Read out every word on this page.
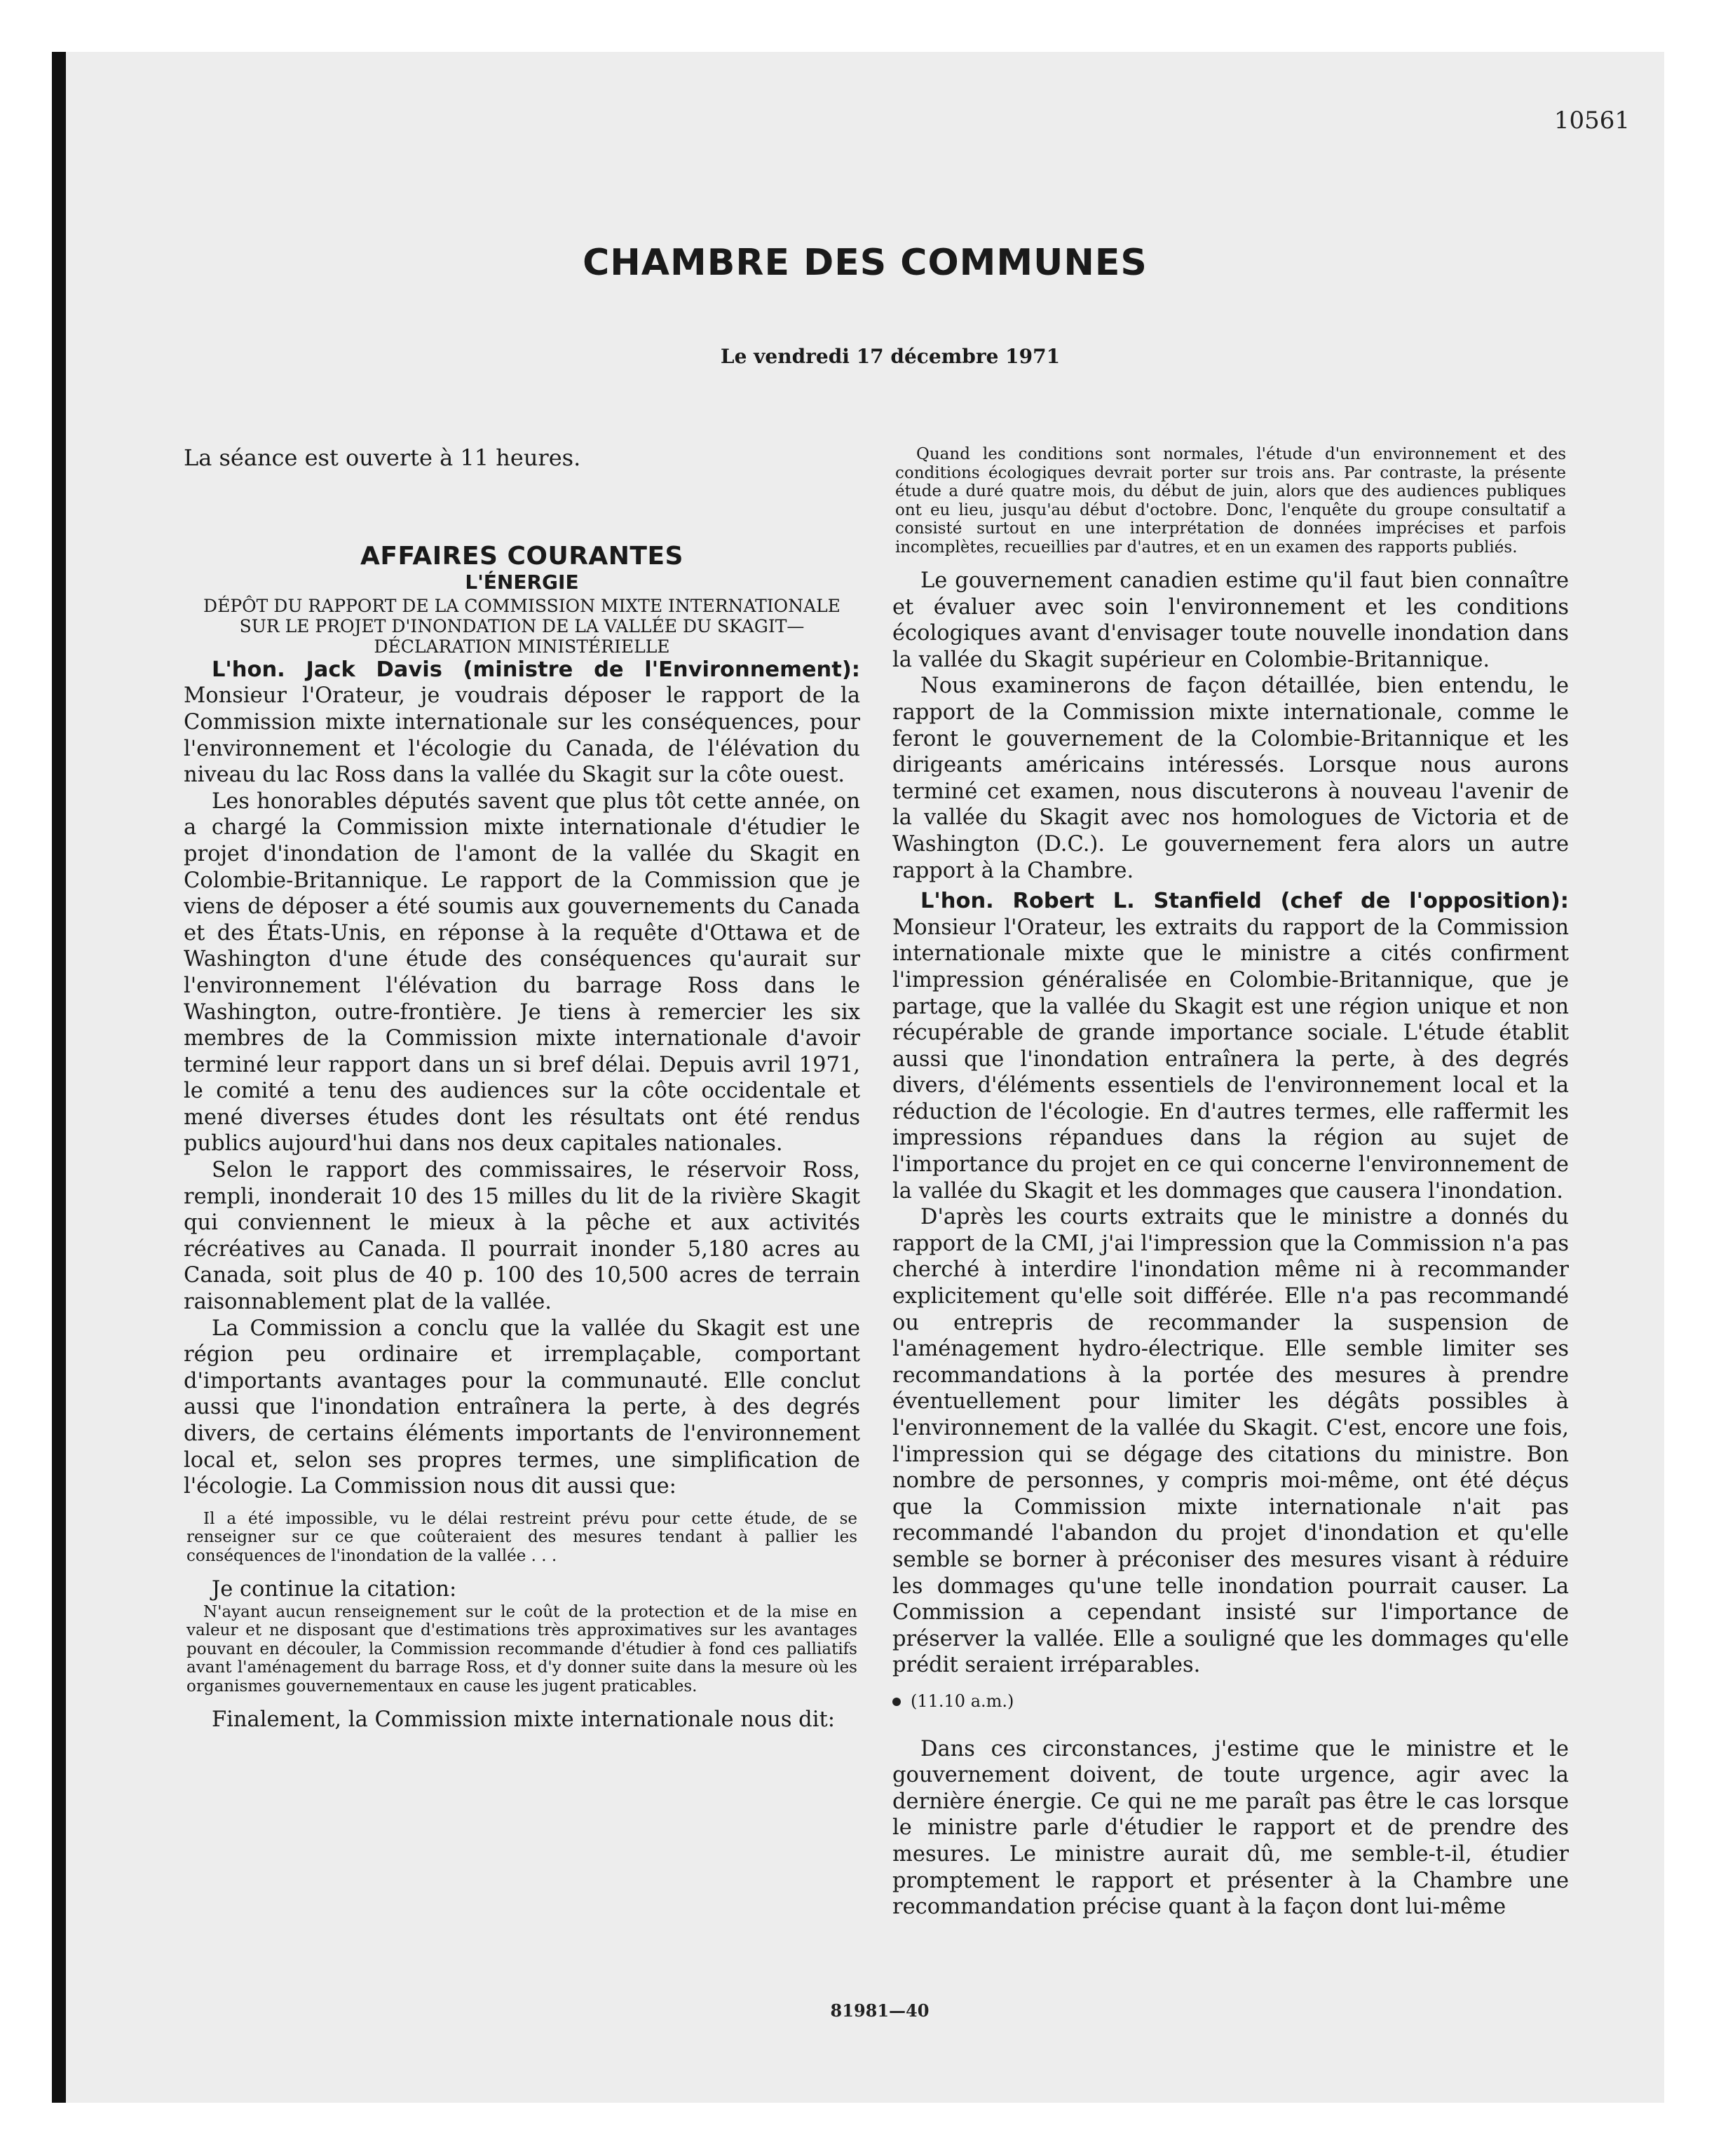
10561
CHAMBRE DES COMMUNES
Le vendredi 17 décembre 1971

La séance est ouverte à 11 heures.

AFFAIRES COURANTES

L'ÉNERGIE

DÉPÔT DU RAPPORT DE LA COMMISSION MIXTE INTERNATIONALE SUR LE PROJET D'INONDATION DE LA VALLÉE DU SKAGIT—DÉCLARATION MINISTÉRIELLE

L'hon. Jack Davis (ministre de l'Environnement): Monsieur l'Orateur, je voudrais déposer le rapport de la Commission mixte internationale sur les conséquences, pour l'environnement et l'écologie du Canada, de l'élévation du niveau du lac Ross dans la vallée du Skagit sur la côte ouest.

Les honorables députés savent que plus tôt cette année, on a chargé la Commission mixte internationale d'étudier le projet d'inondation de l'amont de la vallée du Skagit en Colombie-Britannique. Le rapport de la Commission que je viens de déposer a été soumis aux gouvernements du Canada et des États-Unis, en réponse à la requête d'Ottawa et de Washington d'une étude des conséquences qu'aurait sur l'environnement l'élévation du barrage Ross dans le Washington, outre-frontière. Je tiens à remercier les six membres de la Commission mixte internationale d'avoir terminé leur rapport dans un si bref délai. Depuis avril 1971, le comité a tenu des audiences sur la côte occidentale et mené diverses études dont les résultats ont été rendus publics aujourd'hui dans nos deux capitales nationales.

Selon le rapport des commissaires, le réservoir Ross, rempli, inonderait 10 des 15 milles du lit de la rivière Skagit qui conviennent le mieux à la pêche et aux activités récréatives au Canada. Il pourrait inonder 5,180 acres au Canada, soit plus de 40 p. 100 des 10,500 acres de terrain raisonnablement plat de la vallée.

La Commission a conclu que la vallée du Skagit est une région peu ordinaire et irremplaçable, comportant d'importants avantages pour la communauté. Elle conclut aussi que l'inondation entraînera la perte, à des degrés divers, de certains éléments importants de l'environnement local et, selon ses propres termes, une simplification de l'écologie. La Commission nous dit aussi que:

Il a été impossible, vu le délai restreint prévu pour cette étude, de se renseigner sur ce que coûteraient des mesures tendant à pallier les conséquences de l'inondation de la vallée . . .

Je continue la citation:

N'ayant aucun renseignement sur le coût de la protection et de la mise en valeur et ne disposant que d'estimations très approximatives sur les avantages pouvant en découler, la Commission recommande d'étudier à fond ces palliatifs avant l'aménagement du barrage Ross, et d'y donner suite dans la mesure où les organismes gouvernementaux en cause les jugent praticables.

Finalement, la Commission mixte internationale nous dit:

Quand les conditions sont normales, l'étude d'un environnement et des conditions écologiques devrait porter sur trois ans. Par contraste, la présente étude a duré quatre mois, du début de juin, alors que des audiences publiques ont eu lieu, jusqu'au début d'octobre. Donc, l'enquête du groupe consultatif a consisté surtout en une interprétation de données imprécises et parfois incomplètes, recueillies par d'autres, et en un examen des rapports publiés.

Le gouvernement canadien estime qu'il faut bien connaître et évaluer avec soin l'environnement et les conditions écologiques avant d'envisager toute nouvelle inondation dans la vallée du Skagit supérieur en Colombie-Britannique.

Nous examinerons de façon détaillée, bien entendu, le rapport de la Commission mixte internationale, comme le feront le gouvernement de la Colombie-Britannique et les dirigeants américains intéressés. Lorsque nous aurons terminé cet examen, nous discuterons à nouveau l'avenir de la vallée du Skagit avec nos homologues de Victoria et de Washington (D.C.). Le gouvernement fera alors un autre rapport à la Chambre.

L'hon. Robert L. Stanfield (chef de l'opposition): Monsieur l'Orateur, les extraits du rapport de la Commission internationale mixte que le ministre a cités confirment l'impression généralisée en Colombie-Britannique, que je partage, que la vallée du Skagit est une région unique et non récupérable de grande importance sociale. L'étude établit aussi que l'inondation entraînera la perte, à des degrés divers, d'éléments essentiels de l'environnement local et la réduction de l'écologie. En d'autres termes, elle raffermit les impressions répandues dans la région au sujet de l'importance du projet en ce qui concerne l'environnement de la vallée du Skagit et les dommages que causera l'inondation.

D'après les courts extraits que le ministre a donnés du rapport de la CMI, j'ai l'impression que la Commission n'a pas cherché à interdire l'inondation même ni à recommander explicitement qu'elle soit différée. Elle n'a pas recommandé ou entrepris de recommander la suspension de l'aménagement hydro-électrique. Elle semble limiter ses recommandations à la portée des mesures à prendre éventuellement pour limiter les dégâts possibles à l'environnement de la vallée du Skagit. C'est, encore une fois, l'impression qui se dégage des citations du ministre. Bon nombre de personnes, y compris moi-même, ont été déçus que la Commission mixte internationale n'ait pas recommandé l'abandon du projet d'inondation et qu'elle semble se borner à préconiser des mesures visant à réduire les dommages qu'une telle inondation pourrait causer. La Commission a cependant insisté sur l'importance de préserver la vallée. Elle a souligné que les dommages qu'elle prédit seraient irréparables.

(11.10 a.m.)

Dans ces circonstances, j'estime que le ministre et le gouvernement doivent, de toute urgence, agir avec la dernière énergie. Ce qui ne me paraît pas être le cas lorsque le ministre parle d'étudier le rapport et de prendre des mesures. Le ministre aurait dû, me semble-t-il, étudier promptement le rapport et présenter à la Chambre une recommandation précise quant à la façon dont lui-même

81981—40
